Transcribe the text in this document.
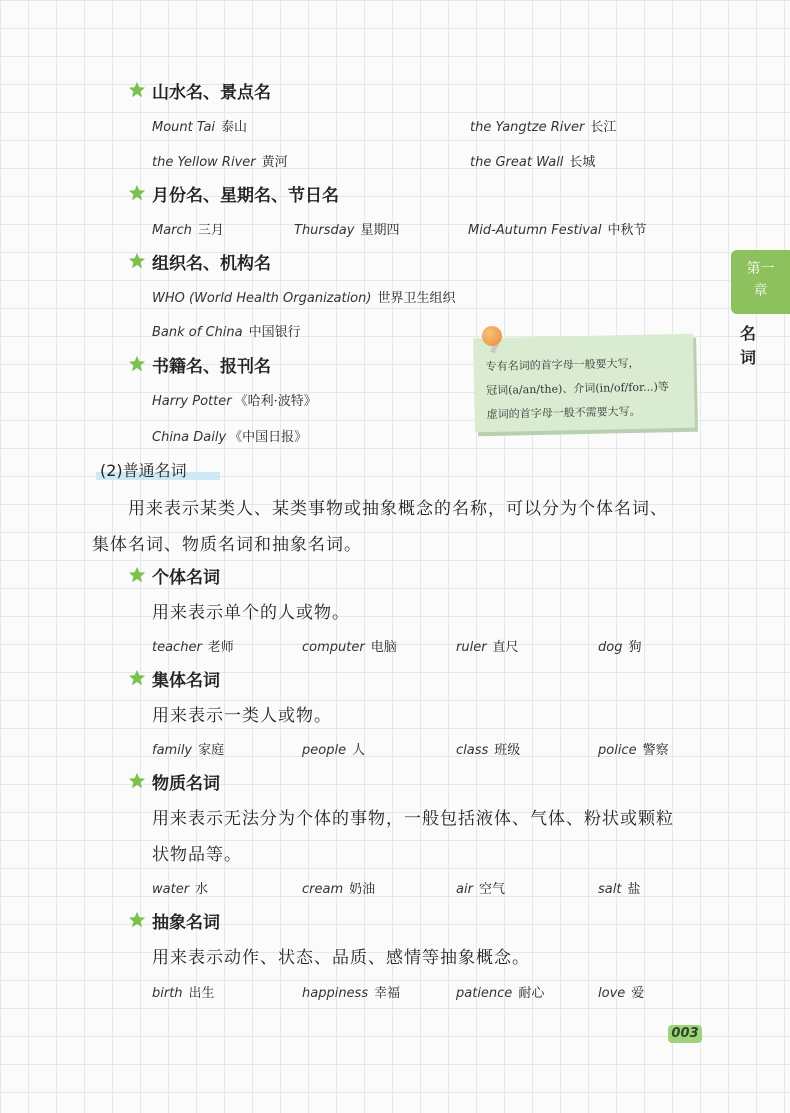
第一
章
名
词
山水名、景点名
Mount Tai 泰山	the Yangtze River 长江
the Yellow River 黄河	the Great Wall 长城
月份名、星期名、节日名
March 三月	Thursday 星期四	Mid-Autumn Festival 中秋节
组织名、机构名
WHO (World Health Organization) 世界卫生组织
Bank of China 中国银行
专有名词的首字母一般要大写，
冠词(a/an/the)、介词(in/of/for...)等
虚词的首字母一般不需要大写。
书籍名、报刊名
Harry Potter 《哈利·波特》
China Daily 《中国日报》
(2)普通名词
用来表示某类人、某类事物或抽象概念的名称，可以分为个体名词、
集体名词、物质名词和抽象名词。
个体名词
用来表示单个的人或物。
teacher 老师	computer 电脑	ruler 直尺	dog 狗
集体名词
用来表示一类人或物。
family 家庭	people 人	class 班级	police 警察
物质名词
用来表示无法分为个体的事物，一般包括液体、气体、粉状或颗粒
状物品等。
water 水	cream 奶油	air 空气	salt 盐
抽象名词
用来表示动作、状态、品质、感情等抽象概念。
birth 出生	happiness 幸福	patience 耐心	love 爱
003
